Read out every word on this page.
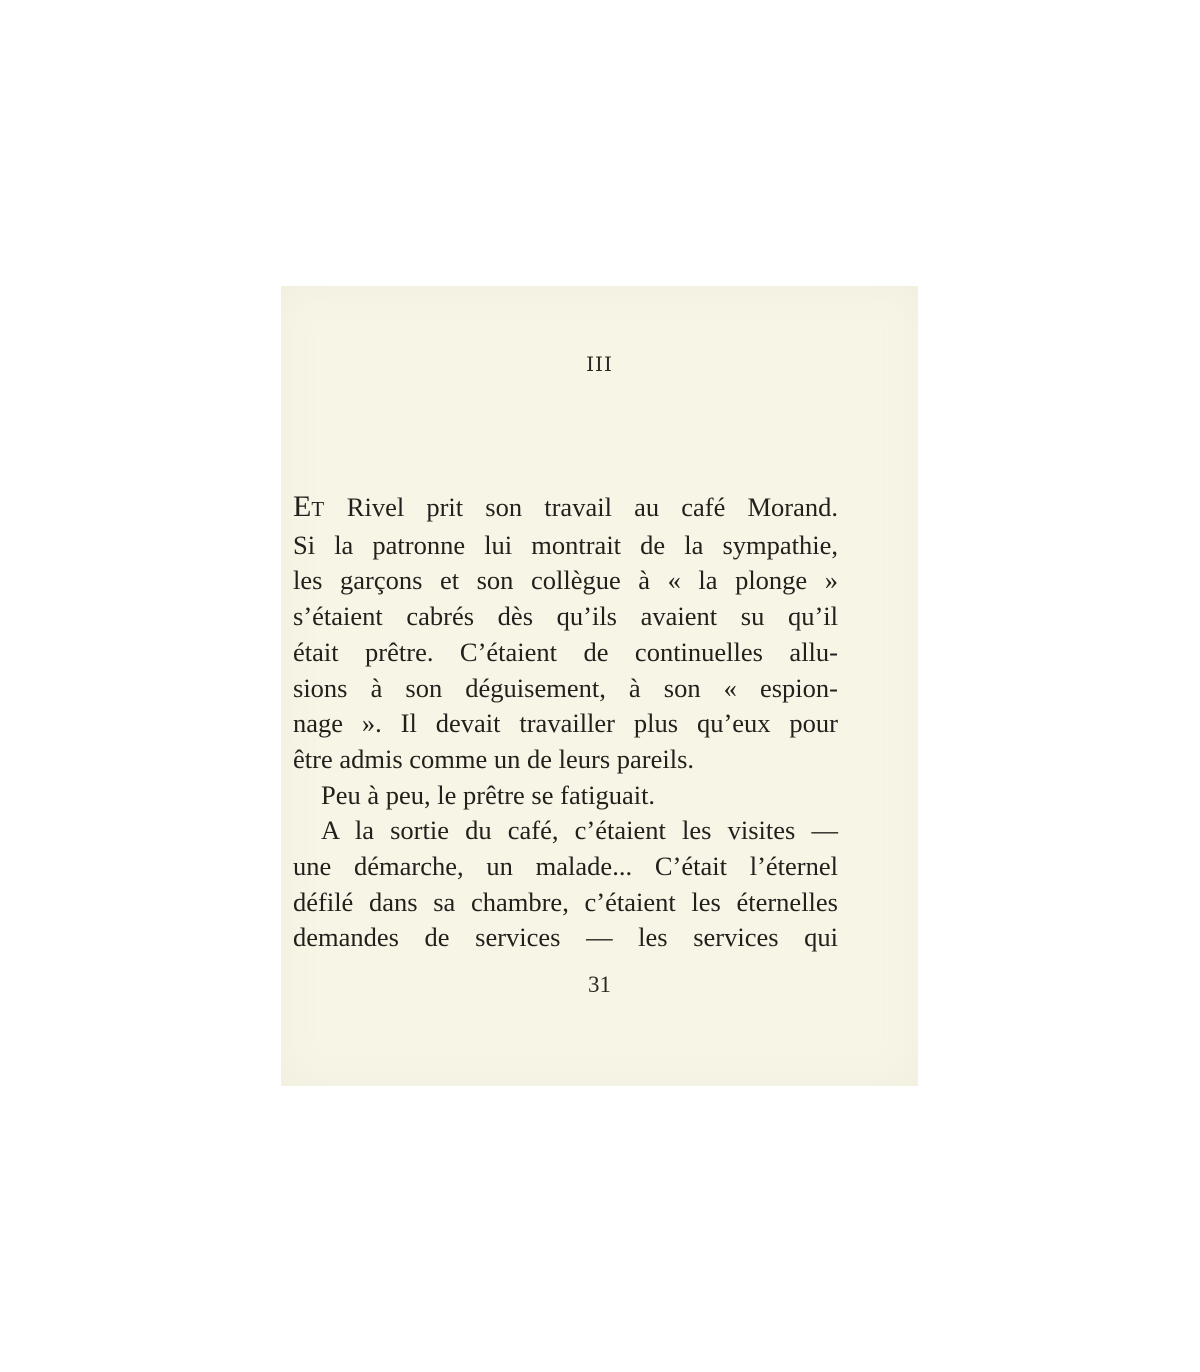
III
ET Rivel prit son travail au café Morand.
Si la patronne lui montrait de la sympathie,
les garçons et son collègue à « la plonge »
s’étaient cabrés dès qu’ils avaient su qu’il
était prêtre. C’étaient de continuelles allu-
sions à son déguisement, à son « espion-
nage ». Il devait travailler plus qu’eux pour
être admis comme un de leurs pareils.
Peu à peu, le prêtre se fatiguait.
A la sortie du café, c’étaient les visites —
une démarche, un malade... C’était l’éternel
défilé dans sa chambre, c’étaient les éternelles
demandes de services — les services qui
31
